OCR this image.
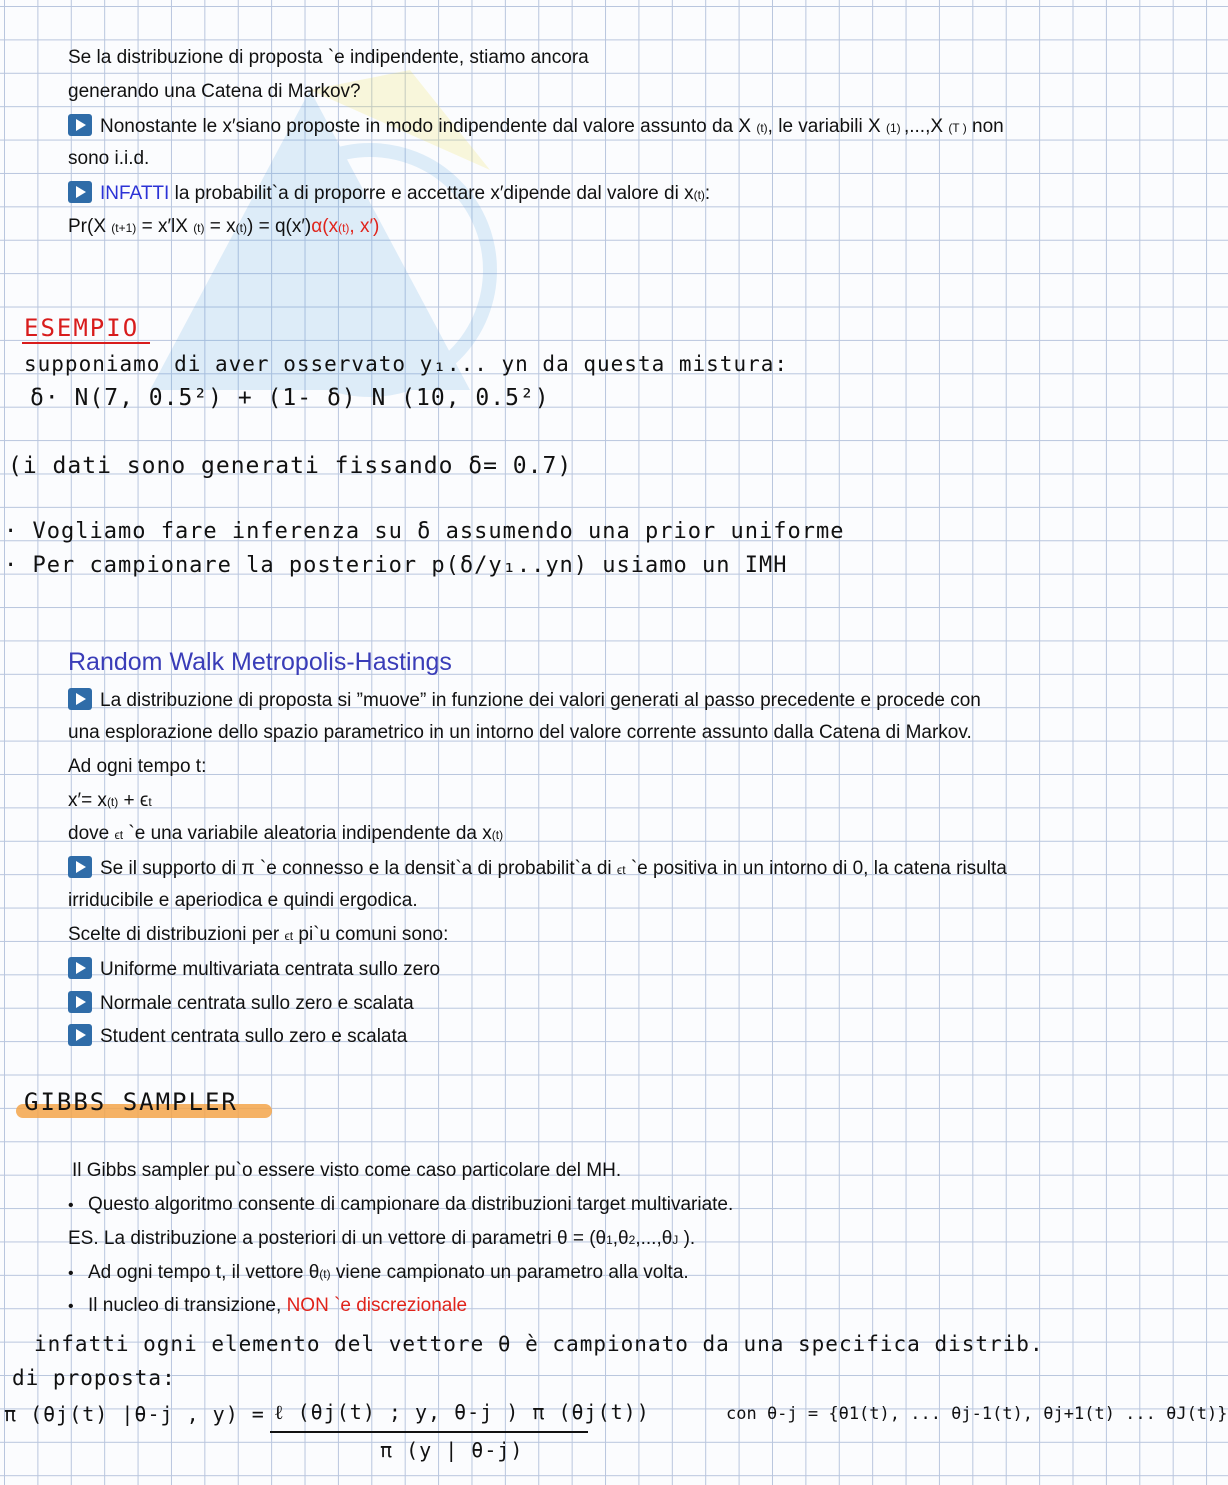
Se la distribuzione di proposta `e indipendente, stiamo ancora
generando una Catena di Markov?
Nonostante le x′siano proposte in modo indipendente dal valore assunto da X (t), le variabili X (1) ,...,X (T ) non
sono i.i.d.
INFATTI la probabilit`a di proporre e accettare x′dipende dal valore di x(t):
Pr(X (t+1) = x′lX (t) = x(t)) = q(x′)α(x(t), x′)
ESEMPIO
supponiamo di aver osservato y₁... yn da questa mistura:
δ· N(7, 0.5²) + (1- δ) N (10, 0.5²)
(i dati sono generati fissando δ= 0.7)
· Vogliamo fare inferenza su δ assumendo una prior uniforme
· Per campionare la posterior p(δ/y₁..yn) usiamo un IMH
Random Walk Metropolis-Hastings
La distribuzione di proposta si ”muove” in funzione dei valori generati al passo precedente e procede con
una esplorazione dello spazio parametrico in un intorno del valore corrente assunto dalla Catena di Markov.
Ad ogni tempo t:
x′= x(t) + ϵt
dove ϵt `e una variabile aleatoria indipendente da x(t)
Se il supporto di π `e connesso e la densit`a di probabilit`a di ϵt `e positiva in un intorno di 0, la catena risulta
irriducibile e aperiodica e quindi ergodica.
Scelte di distribuzioni per ϵt pi`u comuni sono:
Uniforme multivariata centrata sullo zero
Normale centrata sullo zero e scalata
Student centrata sullo zero e scalata
GIBBS SAMPLER
Il Gibbs sampler pu`o essere visto come caso particolare del MH.
• Questo algoritmo consente di campionare da distribuzioni target multivariate.
ES. La distribuzione a posteriori di un vettore di parametri θ = (θ1,θ2,...,θJ ).
• Ad ogni tempo t, il vettore θ(t) viene campionato un parametro alla volta.
• Il nucleo di transizione, NON `e discrezionale
infatti ogni elemento del vettore θ è campionato da una specifica distrib.
di proposta:
π (θj(t) |θ-j , y) = ℓ (θj(t) ; y, θ-j ) π (θj(t))
π (y | θ-j)
con θ-j = {θ1(t), ... θj-1(t), θj+1(t) ... θJ(t)}
